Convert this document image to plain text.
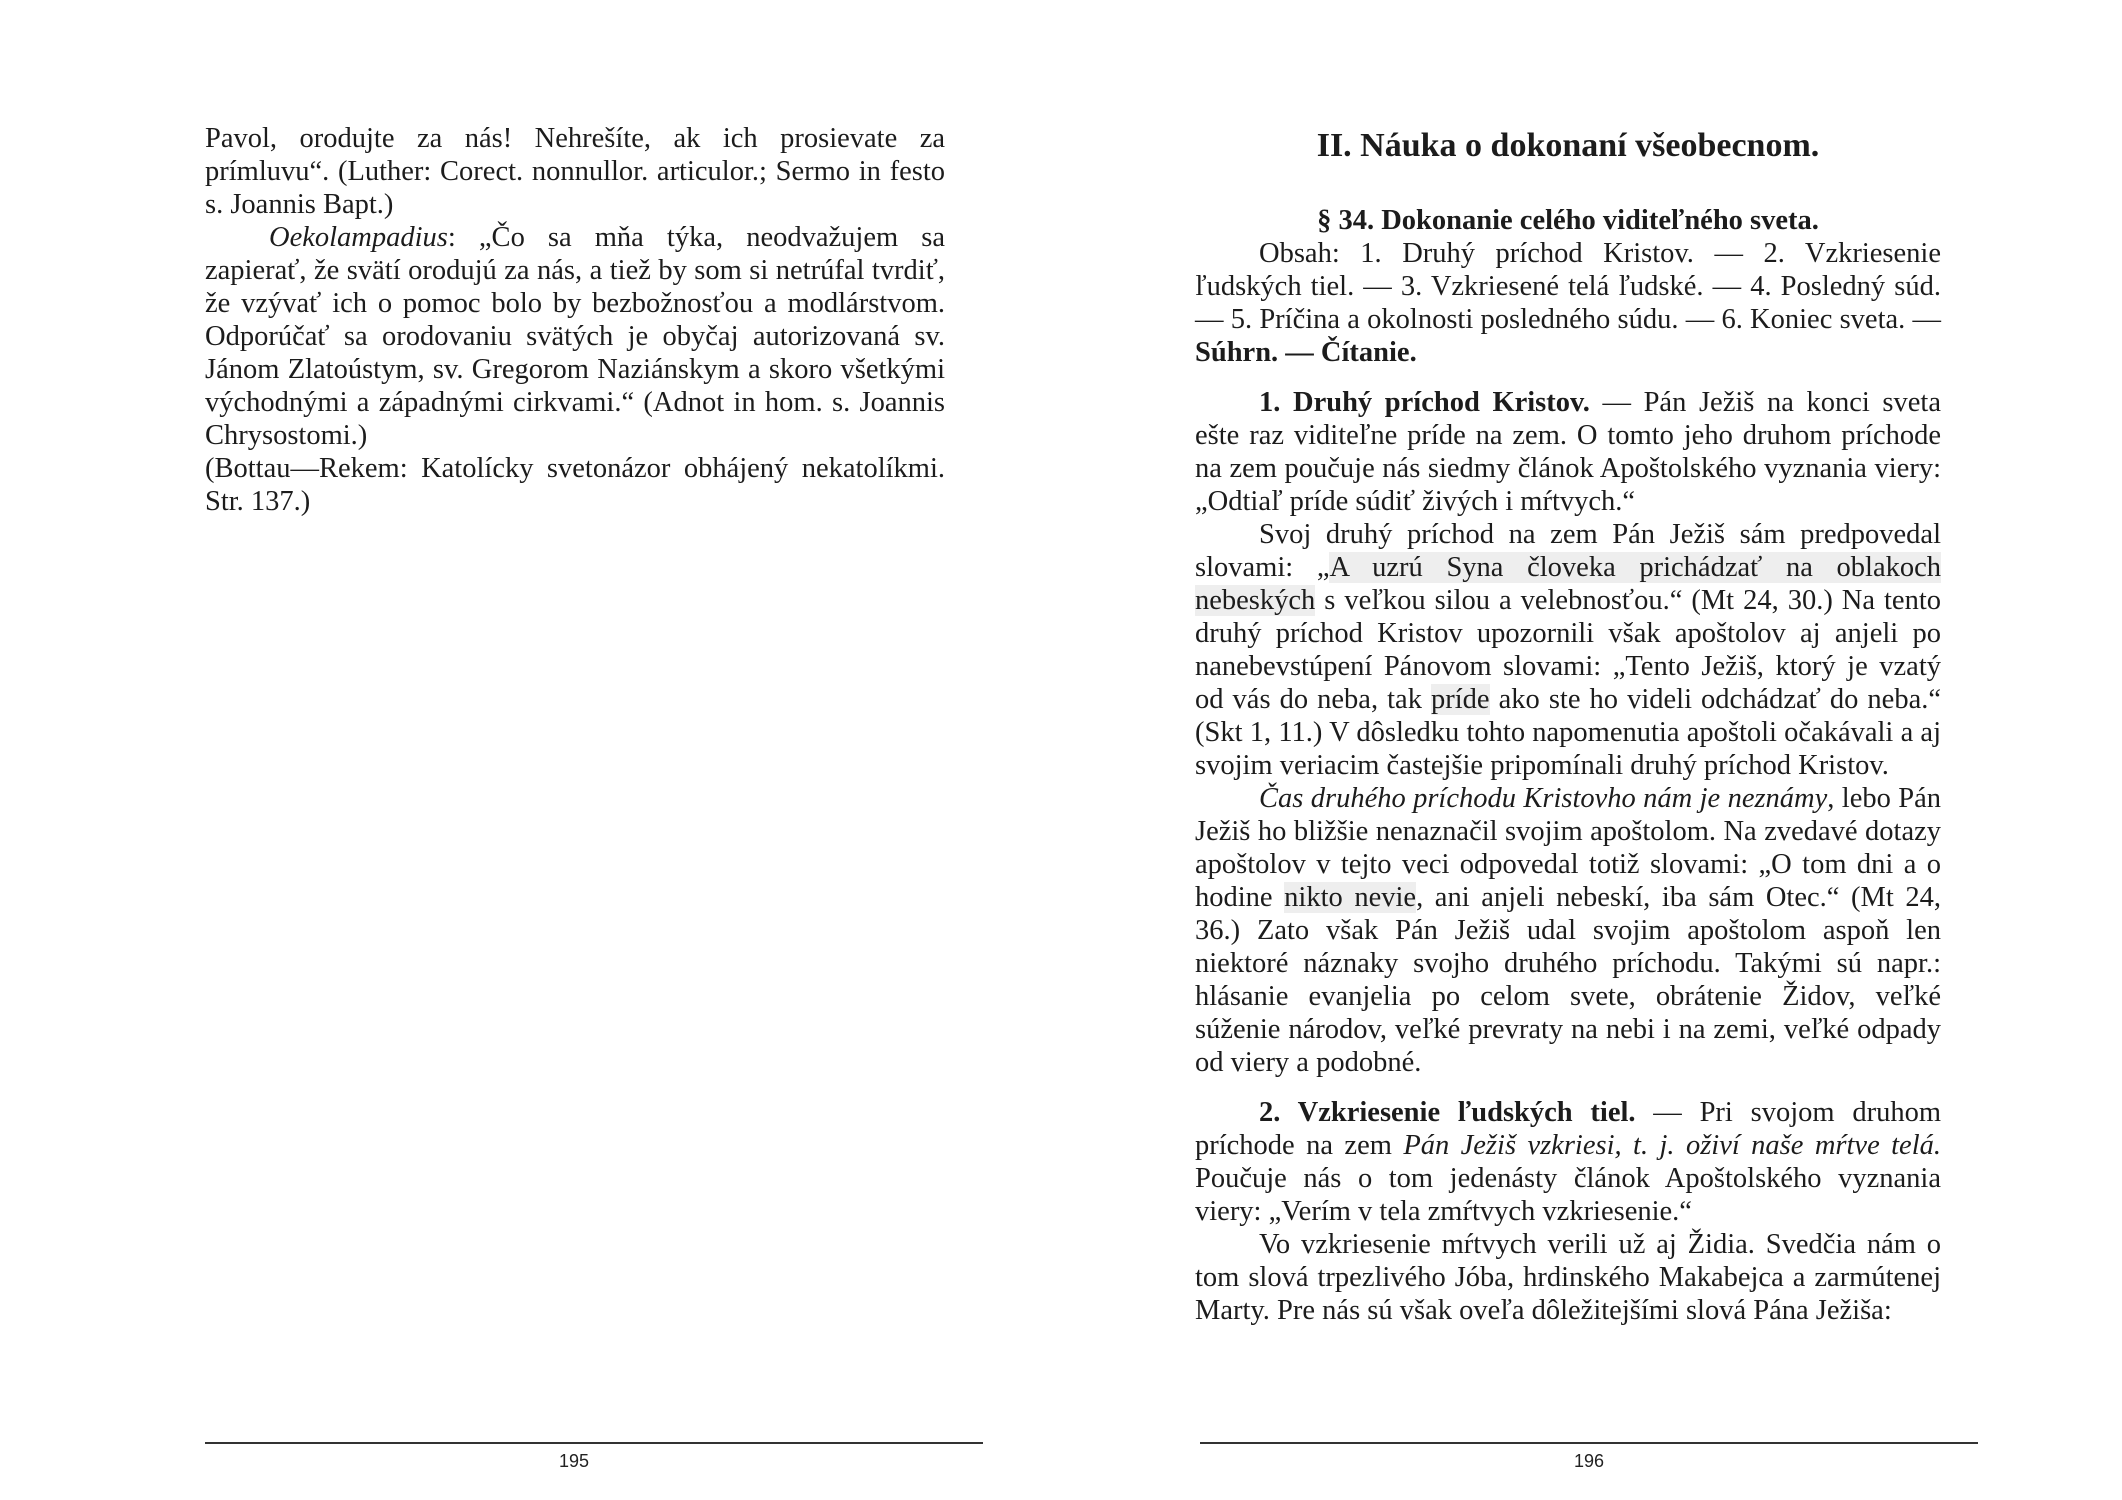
Pavol, orodujte za nás! Nehrešíte, ak ich prosievate za prímluvu“. (Luther: Corect. nonnullor. articulor.; Sermo in festo s. Joannis Bapt.)

Oekolampadius: „Čo sa mňa týka, neodvažujem sa zapierať, že svätí orodujú za nás, a tiež by som si netrúfal tvrdiť, že vzývať ich o pomoc bolo by bezbožnosťou a modlárstvom. Odporúčať sa orodovaniu svätých je obyčaj autorizovaná sv. Jánom Zlatoústym, sv. Gregorom Naziánskym a skoro všetkými východnými a západnými cirkvami.“ (Adnot in hom. s. Joannis Chrysostomi.)

(Bottau—Rekem: Katolícky svetonázor obhájený nekatolíkmi. Str. 137.)

195
II. Náuka o dokonaní všeobecnom.

§ 34. Dokonanie celého viditeľného sveta.

Obsah: 1. Druhý príchod Kristov. — 2. Vzkriesenie ľudských tiel. — 3. Vzkriesené telá ľudské. — 4. Posledný súd. — 5. Príčina a okolnosti posledného súdu. — 6. Koniec sveta. — Súhrn. — Čítanie.

1. Druhý príchod Kristov. — Pán Ježiš na konci sveta ešte raz viditeľne príde na zem. O tomto jeho druhom príchode na zem poučuje nás siedmy článok Apoštolského vyznania viery: „Odtiaľ príde súdiť živých i mŕtvych.“

Svoj druhý príchod na zem Pán Ježiš sám predpovedal slovami: „A uzrú Syna človeka prichádzať na oblakoch nebeských s veľkou silou a velebnosťou.“ (Mt 24, 30.) Na tento druhý príchod Kristov upozornili však apoštolov aj anjeli po nanebevstúpení Pánovom slovami: „Tento Ježiš, ktorý je vzatý od vás do neba, tak príde ako ste ho videli odchádzať do neba.“ (Skt 1, 11.) V dôsledku tohto napomenutia apoštoli očakávali a aj svojim veriacim častejšie pripomínali druhý príchod Kristov.

Čas druhého príchodu Kristovho nám je neznámy, lebo Pán Ježiš ho bližšie nenaznačil svojim apoštolom. Na zvedavé dotazy apoštolov v tejto veci odpovedal totiž slovami: „O tom dni a o hodine nikto nevie, ani anjeli nebeskí, iba sám Otec.“ (Mt 24, 36.) Zato však Pán Ježiš udal svojim apoštolom aspoň len niektoré náznaky svojho druhého príchodu. Takými sú napr.: hlásanie evanjelia po celom svete, obrátenie Židov, veľké súženie národov, veľké prevraty na nebi i na zemi, veľké odpady od viery a podobné.

2. Vzkriesenie ľudských tiel. — Pri svojom druhom príchode na zem Pán Ježiš vzkriesi, t. j. oživí naše mŕtve telá. Poučuje nás o tom jedenásty článok Apoštolského vyznania viery: „Verím v tela zmŕtvych vzkriesenie.“

Vo vzkriesenie mŕtvych verili už aj Židia. Svedčia nám o tom slová trpezlivého Jóba, hrdinského Makabejca a zarmútenej Marty. Pre nás sú však oveľa dôležitejšími slová Pána Ježiša:

196
